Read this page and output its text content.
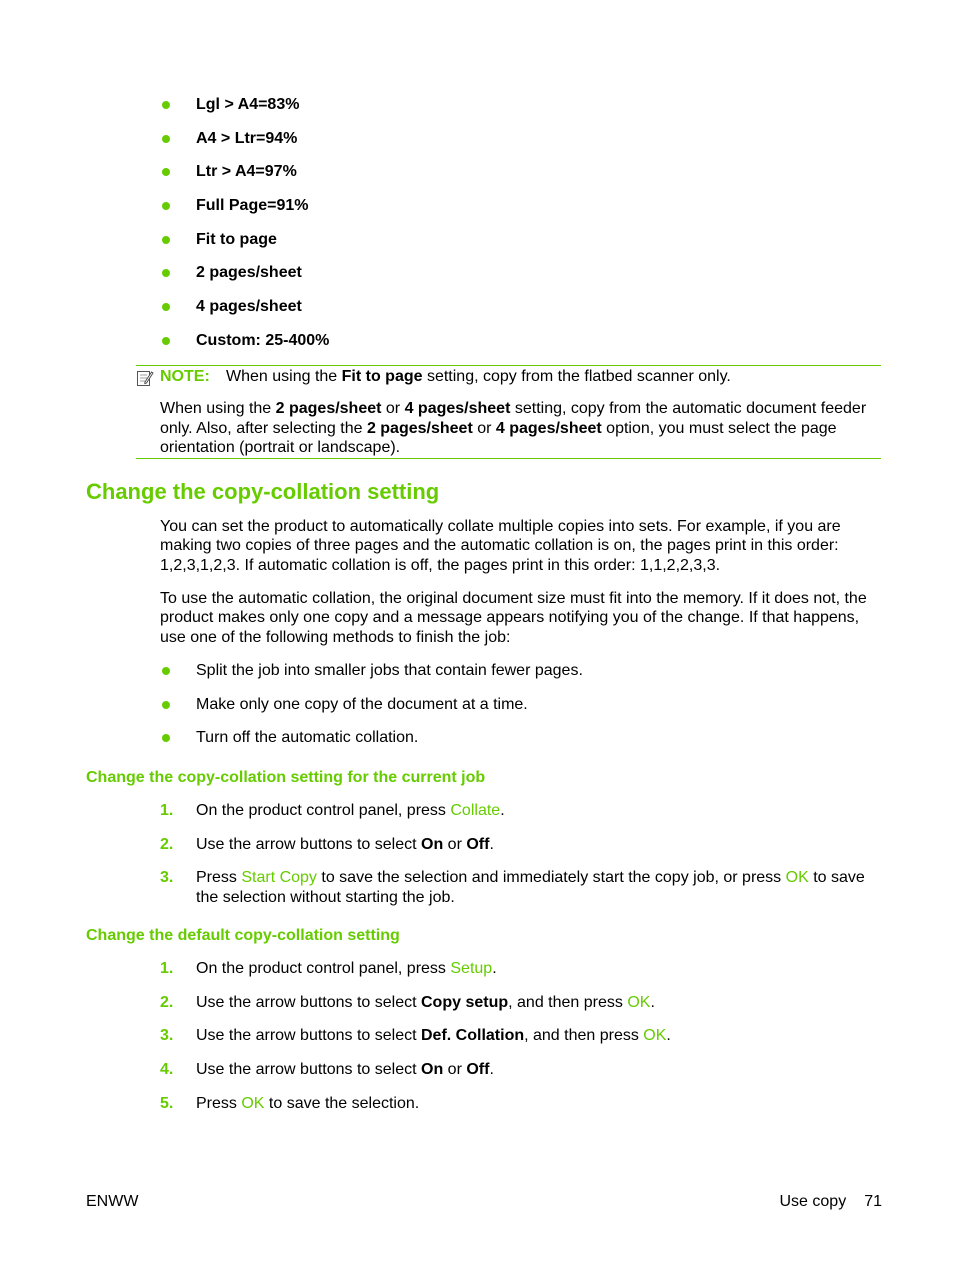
Lgl > A4=83%
A4 > Ltr=94%
Ltr > A4=97%
Full Page=91%
Fit to page
2 pages/sheet
4 pages/sheet
Custom: 25-400%
NOTE: When using the Fit to page setting, copy from the flatbed scanner only.

When using the 2 pages/sheet or 4 pages/sheet setting, copy from the automatic document feeder only. Also, after selecting the 2 pages/sheet or 4 pages/sheet option, you must select the page orientation (portrait or landscape).

Change the copy-collation setting

You can set the product to automatically collate multiple copies into sets. For example, if you are making two copies of three pages and the automatic collation is on, the pages print in this order: 1,2,3,1,2,3. If automatic collation is off, the pages print in this order: 1,1,2,2,3,3.

To use the automatic collation, the original document size must fit into the memory. If it does not, the product makes only one copy and a message appears notifying you of the change. If that happens, use one of the following methods to finish the job:

Split the job into smaller jobs that contain fewer pages.
Make only one copy of the document at a time.
Turn off the automatic collation.
Change the copy-collation setting for the current job
1. On the product control panel, press Collate.
2. Use the arrow buttons to select On or Off.
3. Press Start Copy to save the selection and immediately start the copy job, or press OK to save the selection without starting the job.
Change the default copy-collation setting
1. On the product control panel, press Setup.
2. Use the arrow buttons to select Copy setup, and then press OK.
3. Use the arrow buttons to select Def. Collation, and then press OK.
4. Use the arrow buttons to select On or Off.
5. Press OK to save the selection.
ENWW	Use copy 71
